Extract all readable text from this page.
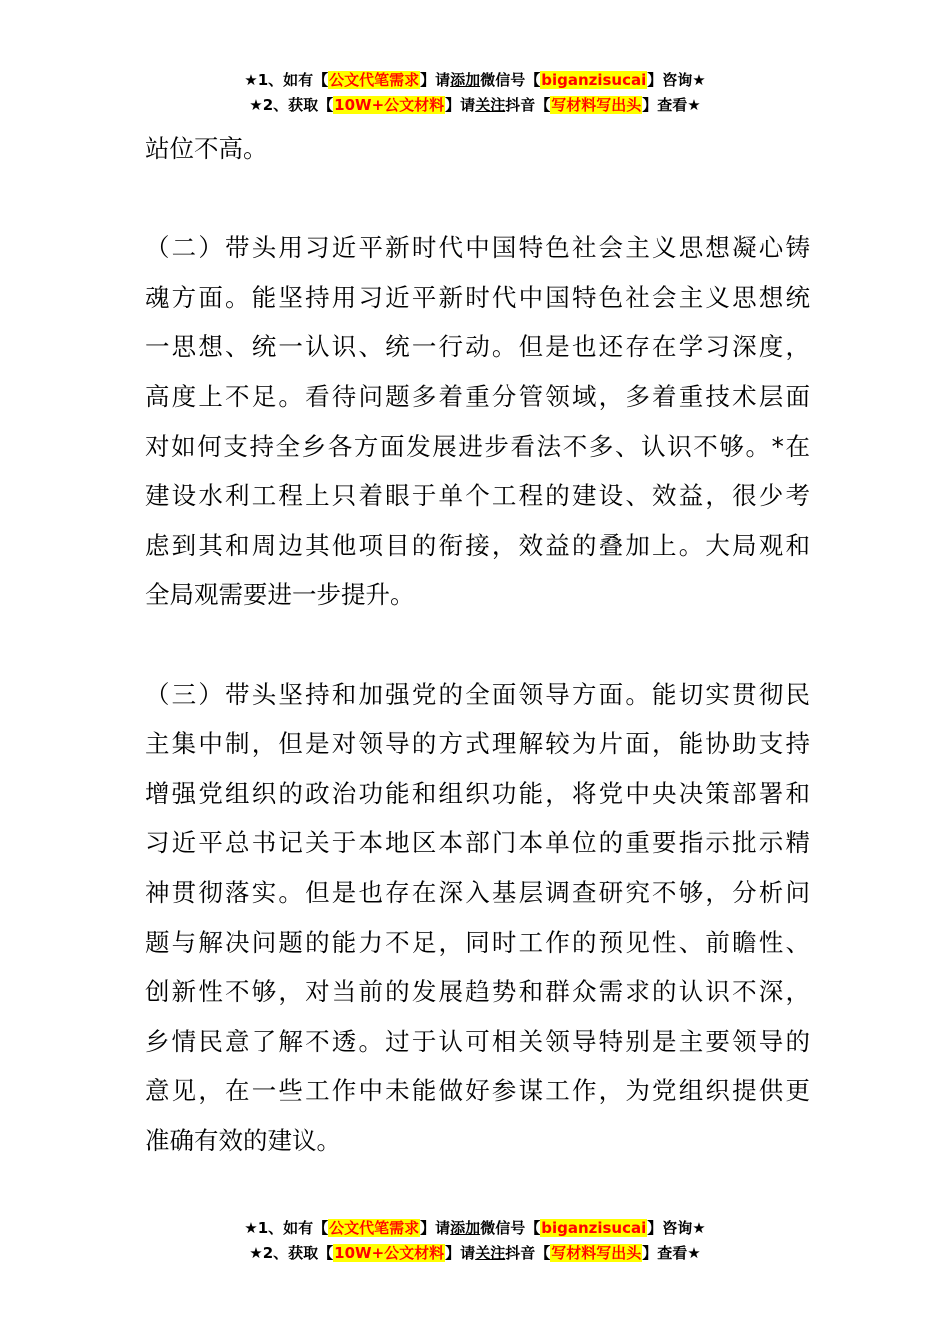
★1、如有【公文代笔需求】请添加微信号【biganzisucai】咨询★
★2、获取【10W+公文材料】请关注抖音【写材料写出头】查看★
站位不高。
（二）带头用习近平新时代中国特色社会主义思想凝心铸
魂方面。能坚持用习近平新时代中国特色社会主义思想统
一思想、统一认识、统一行动。但是也还存在学习深度，
高度上不足。看待问题多着重分管领域，多着重技术层面
对如何支持全乡各方面发展进步看法不多、认识不够。*在
建设水利工程上只着眼于单个工程的建设、效益，很少考
虑到其和周边其他项目的衔接，效益的叠加上。大局观和
全局观需要进一步提升。
（三）带头坚持和加强党的全面领导方面。能切实贯彻民
主集中制，但是对领导的方式理解较为片面，能协助支持
增强党组织的政治功能和组织功能，将党中央决策部署和
习近平总书记关于本地区本部门本单位的重要指示批示精
神贯彻落实。但是也存在深入基层调查研究不够，分析问
题与解决问题的能力不足，同时工作的预见性、前瞻性、
创新性不够，对当前的发展趋势和群众需求的认识不深，
乡情民意了解不透。过于认可相关领导特别是主要领导的
意见，在一些工作中未能做好参谋工作，为党组织提供更
准确有效的建议。
★1、如有【公文代笔需求】请添加微信号【biganzisucai】咨询★
★2、获取【10W+公文材料】请关注抖音【写材料写出头】查看★
